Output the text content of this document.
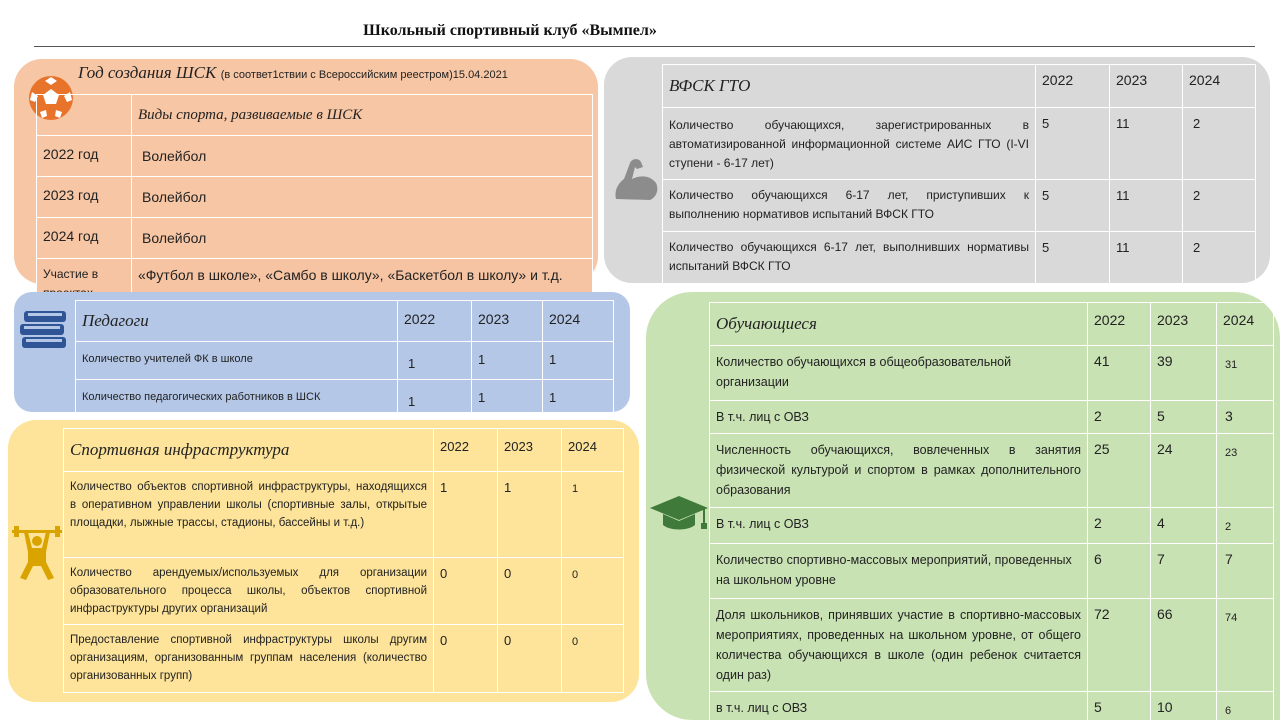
Школьный спортивный клуб «Вымпел»
Год создания ШСК (в соответ1ствии с Всероссийским реестром)15.04.2021
	Виды спорта, развиваемые в ШСК
2022 год	Волейбол
2023 год	Волейбол
2024 год	Волейбол
Участие в	«Футбол в школе», «Самбо в школу», «Баскетбол в школу» и т.д.
ВФСК ГТО	2022	2023	2024
Количество обучающихся, зарегистрированных в автоматизированной информационной системе АИС ГТО (I-VI ступени - 6-17 лет)	5	11	2
Количество обучающихся 6-17 лет, приступивших к выполнению нормативов испытаний ВФСК ГТО	5	11	2
Количество обучающихся 6-17 лет, выполнивших нормативы испытаний ВФСК ГТО	5	11	2
Педагоги	2022	2023	2024
Количество учителей ФК в школе	1	1	1
Количество педагогических работников в ШСК	1	1	1
Спортивная инфраструктура	2022	2023	2024
Количество объектов спортивной инфраструктуры, находящихся в оперативном управлении школы (спортивные залы, открытые площадки, лыжные трассы, стадионы, бассейны и т.д.)	1	1	1
Количество арендуемых/используемых для организации образовательного процесса школы, объектов спортивной инфраструктуры других организаций	0	0	0
Предоставление спортивной инфраструктуры школы другим организациям, организованным группам населения (количество организованных групп)	0	0	0
Обучающиеся	2022	2023	2024
Количество обучающихся в общеобразовательной организации	41	39	31
В т.ч. лиц с ОВЗ	2	5	3
Численность обучающихся, вовлеченных в занятия физической культурой и спортом в рамках дополнительного образования	25	24	23
В т.ч. лиц с ОВЗ	2	4	2
Количество спортивно-массовых мероприятий, проведенных на школьном уровне	6	7	7
Доля школьников, принявших участие в спортивно-массовых мероприятиях, проведенных на школьном уровне, от общего количества обучающихся в школе (один ребенок считается один раз)	72	66	74
в т.ч. лиц с ОВЗ	5	10	6
